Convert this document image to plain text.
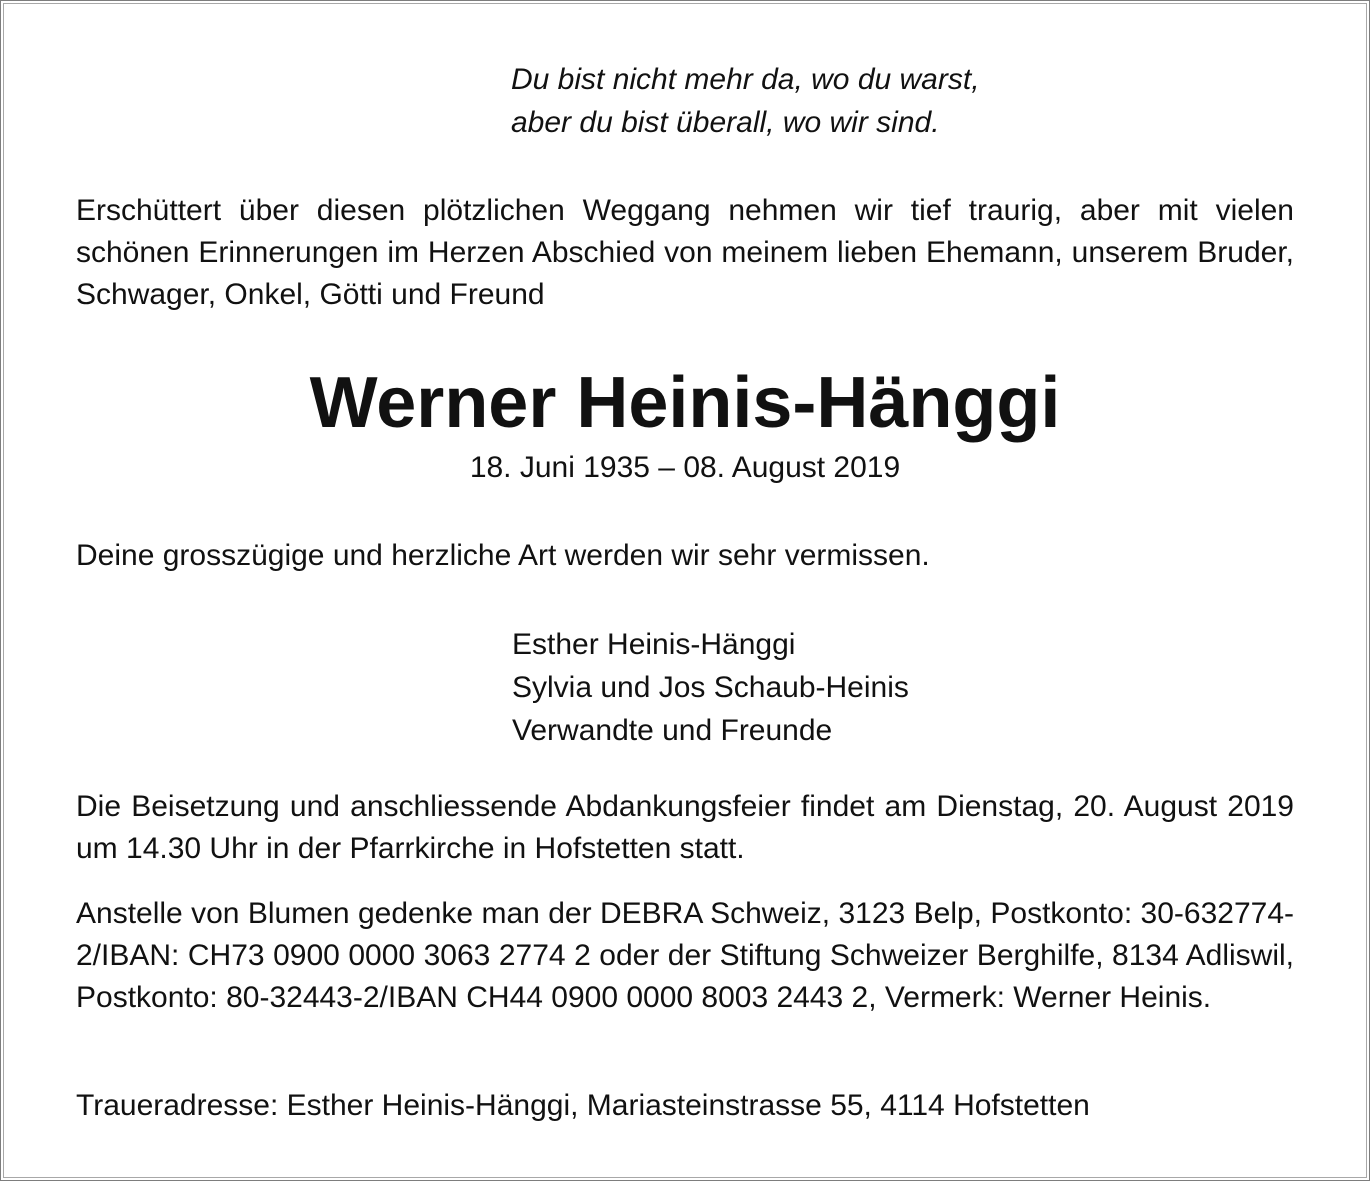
Du bist nicht mehr da, wo du warst,
aber du bist überall, wo wir sind.
Erschüttert über diesen plötzlichen Weggang nehmen wir tief traurig, aber mit vielen schönen Erinnerungen im Herzen Abschied von meinem lieben Ehemann, unserem Bruder, Schwager, Onkel, Götti und Freund
Werner Heinis-Hänggi
18. Juni 1935 – 08. August 2019
Deine grosszügige und herzliche Art werden wir sehr vermissen.
Esther Heinis-Hänggi
Sylvia und Jos Schaub-Heinis
Verwandte und Freunde
Die Beisetzung und anschliessende Abdankungsfeier findet am Dienstag, 20. August 2019 um 14.30 Uhr in der Pfarrkirche in Hofstetten statt.
Anstelle von Blumen gedenke man der DEBRA Schweiz, 3123 Belp, Postkonto: 30-632774-2/IBAN: CH73 0900 0000 3063 2774 2 oder der Stiftung Schweizer Berghilfe, 8134 Adliswil, Postkonto: 80-32443-2/IBAN CH44 0900 0000 8003 2443 2, Vermerk: Werner Heinis.
Traueradresse: Esther Heinis-Hänggi, Mariasteinstrasse 55, 4114 Hofstetten
